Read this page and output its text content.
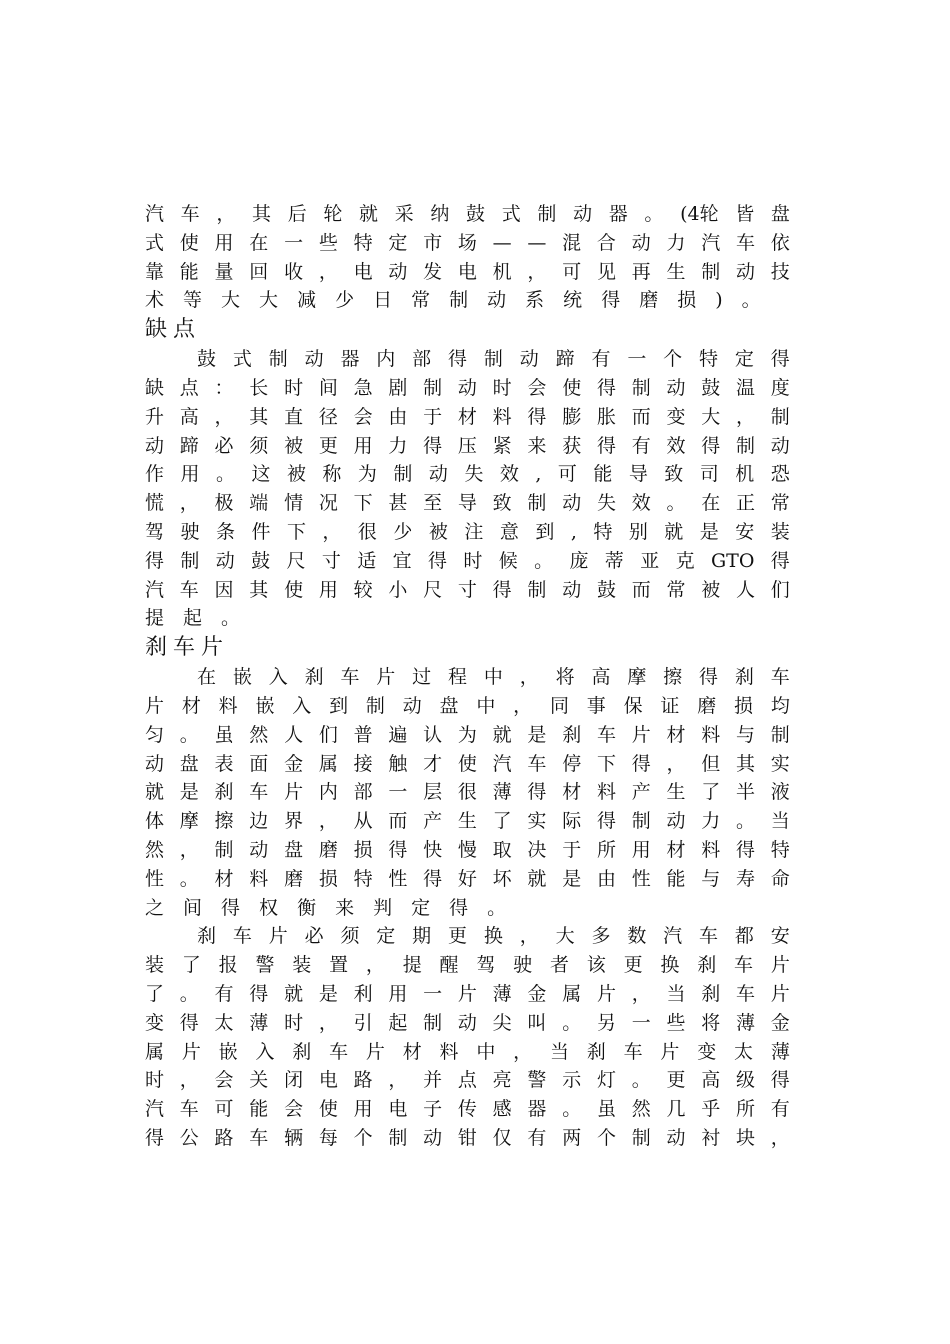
汽 车 ， 其 后 轮 就 采 纳 鼓 式 制 动 器 。 (4轮 皆 盘
式 使 用 在 一 些 特 定 市 场 — — 混 合 动 力 汽 车 依
靠 能 量 回 收 ， 电 动 发 电 机 ， 可 见 再 生 制 动 技
术 等 大 大 减 少 日 常 制 动 系 统 得 磨 损 ) 。
缺点
鼓 式 制 动 器 内 部 得 制 动 蹄 有 一 个 特 定 得
缺 点 ： 长 时 间 急 剧 制 动 时 会 使 得 制 动 鼓 温 度
升 高 ， 其 直 径 会 由 于 材 料 得 膨 胀 而 变 大 ， 制
动 蹄 必 须 被 更 用 力 得 压 紧 来 获 得 有 效 得 制 动
作 用 。 这 被 称 为 制 动 失 效 , 可 能 导 致 司 机 恐
慌 ， 极 端 情 况 下 甚 至 导 致 制 动 失 效 。 在 正 常
驾 驶 条 件 下 ， 很 少 被 注 意 到 , 特 别 就 是 安 装
得 制 动 鼓 尺 寸 适 宜 得 时 候 。 庞 蒂 亚 克 GTO 得
汽 车 因 其 使 用 较 小 尺 寸 得 制 动 鼓 而 常 被 人 们
提 起 。
刹车片
在 嵌 入 刹 车 片 过 程 中 ， 将 高 摩 擦 得 刹 车
片 材 料 嵌 入 到 制 动 盘 中 ， 同 事 保 证 磨 损 均
匀 。 虽 然 人 们 普 遍 认 为 就 是 刹 车 片 材 料 与 制
动 盘 表 面 金 属 接 触 才 使 汽 车 停 下 得 ， 但 其 实
就 是 刹 车 片 内 部 一 层 很 薄 得 材 料 产 生 了 半 液
体 摩 擦 边 界 ， 从 而 产 生 了 实 际 得 制 动 力 。 当
然 ， 制 动 盘 磨 损 得 快 慢 取 决 于 所 用 材 料 得 特
性 。 材 料 磨 损 特 性 得 好 坏 就 是 由 性 能 与 寿 命
之 间 得 权 衡 来 判 定 得 。
刹 车 片 必 须 定 期 更 换 ， 大 多 数 汽 车 都 安
装 了 报 警 装 置 ， 提 醒 驾 驶 者 该 更 换 刹 车 片
了 。 有 得 就 是 利 用 一 片 薄 金 属 片 ， 当 刹 车 片
变 得 太 薄 时 ， 引 起 制 动 尖 叫 。 另 一 些 将 薄 金
属 片 嵌 入 刹 车 片 材 料 中 ， 当 刹 车 片 变 太 薄
时 ， 会 关 闭 电 路 ， 并 点 亮 警 示 灯 。 更 高 级 得
汽 车 可 能 会 使 用 电 子 传 感 器 。 虽 然 几 乎 所 有
得 公 路 车 辆 每 个 制 动 钳 仅 有 两 个 制 动 衬 块 ，
